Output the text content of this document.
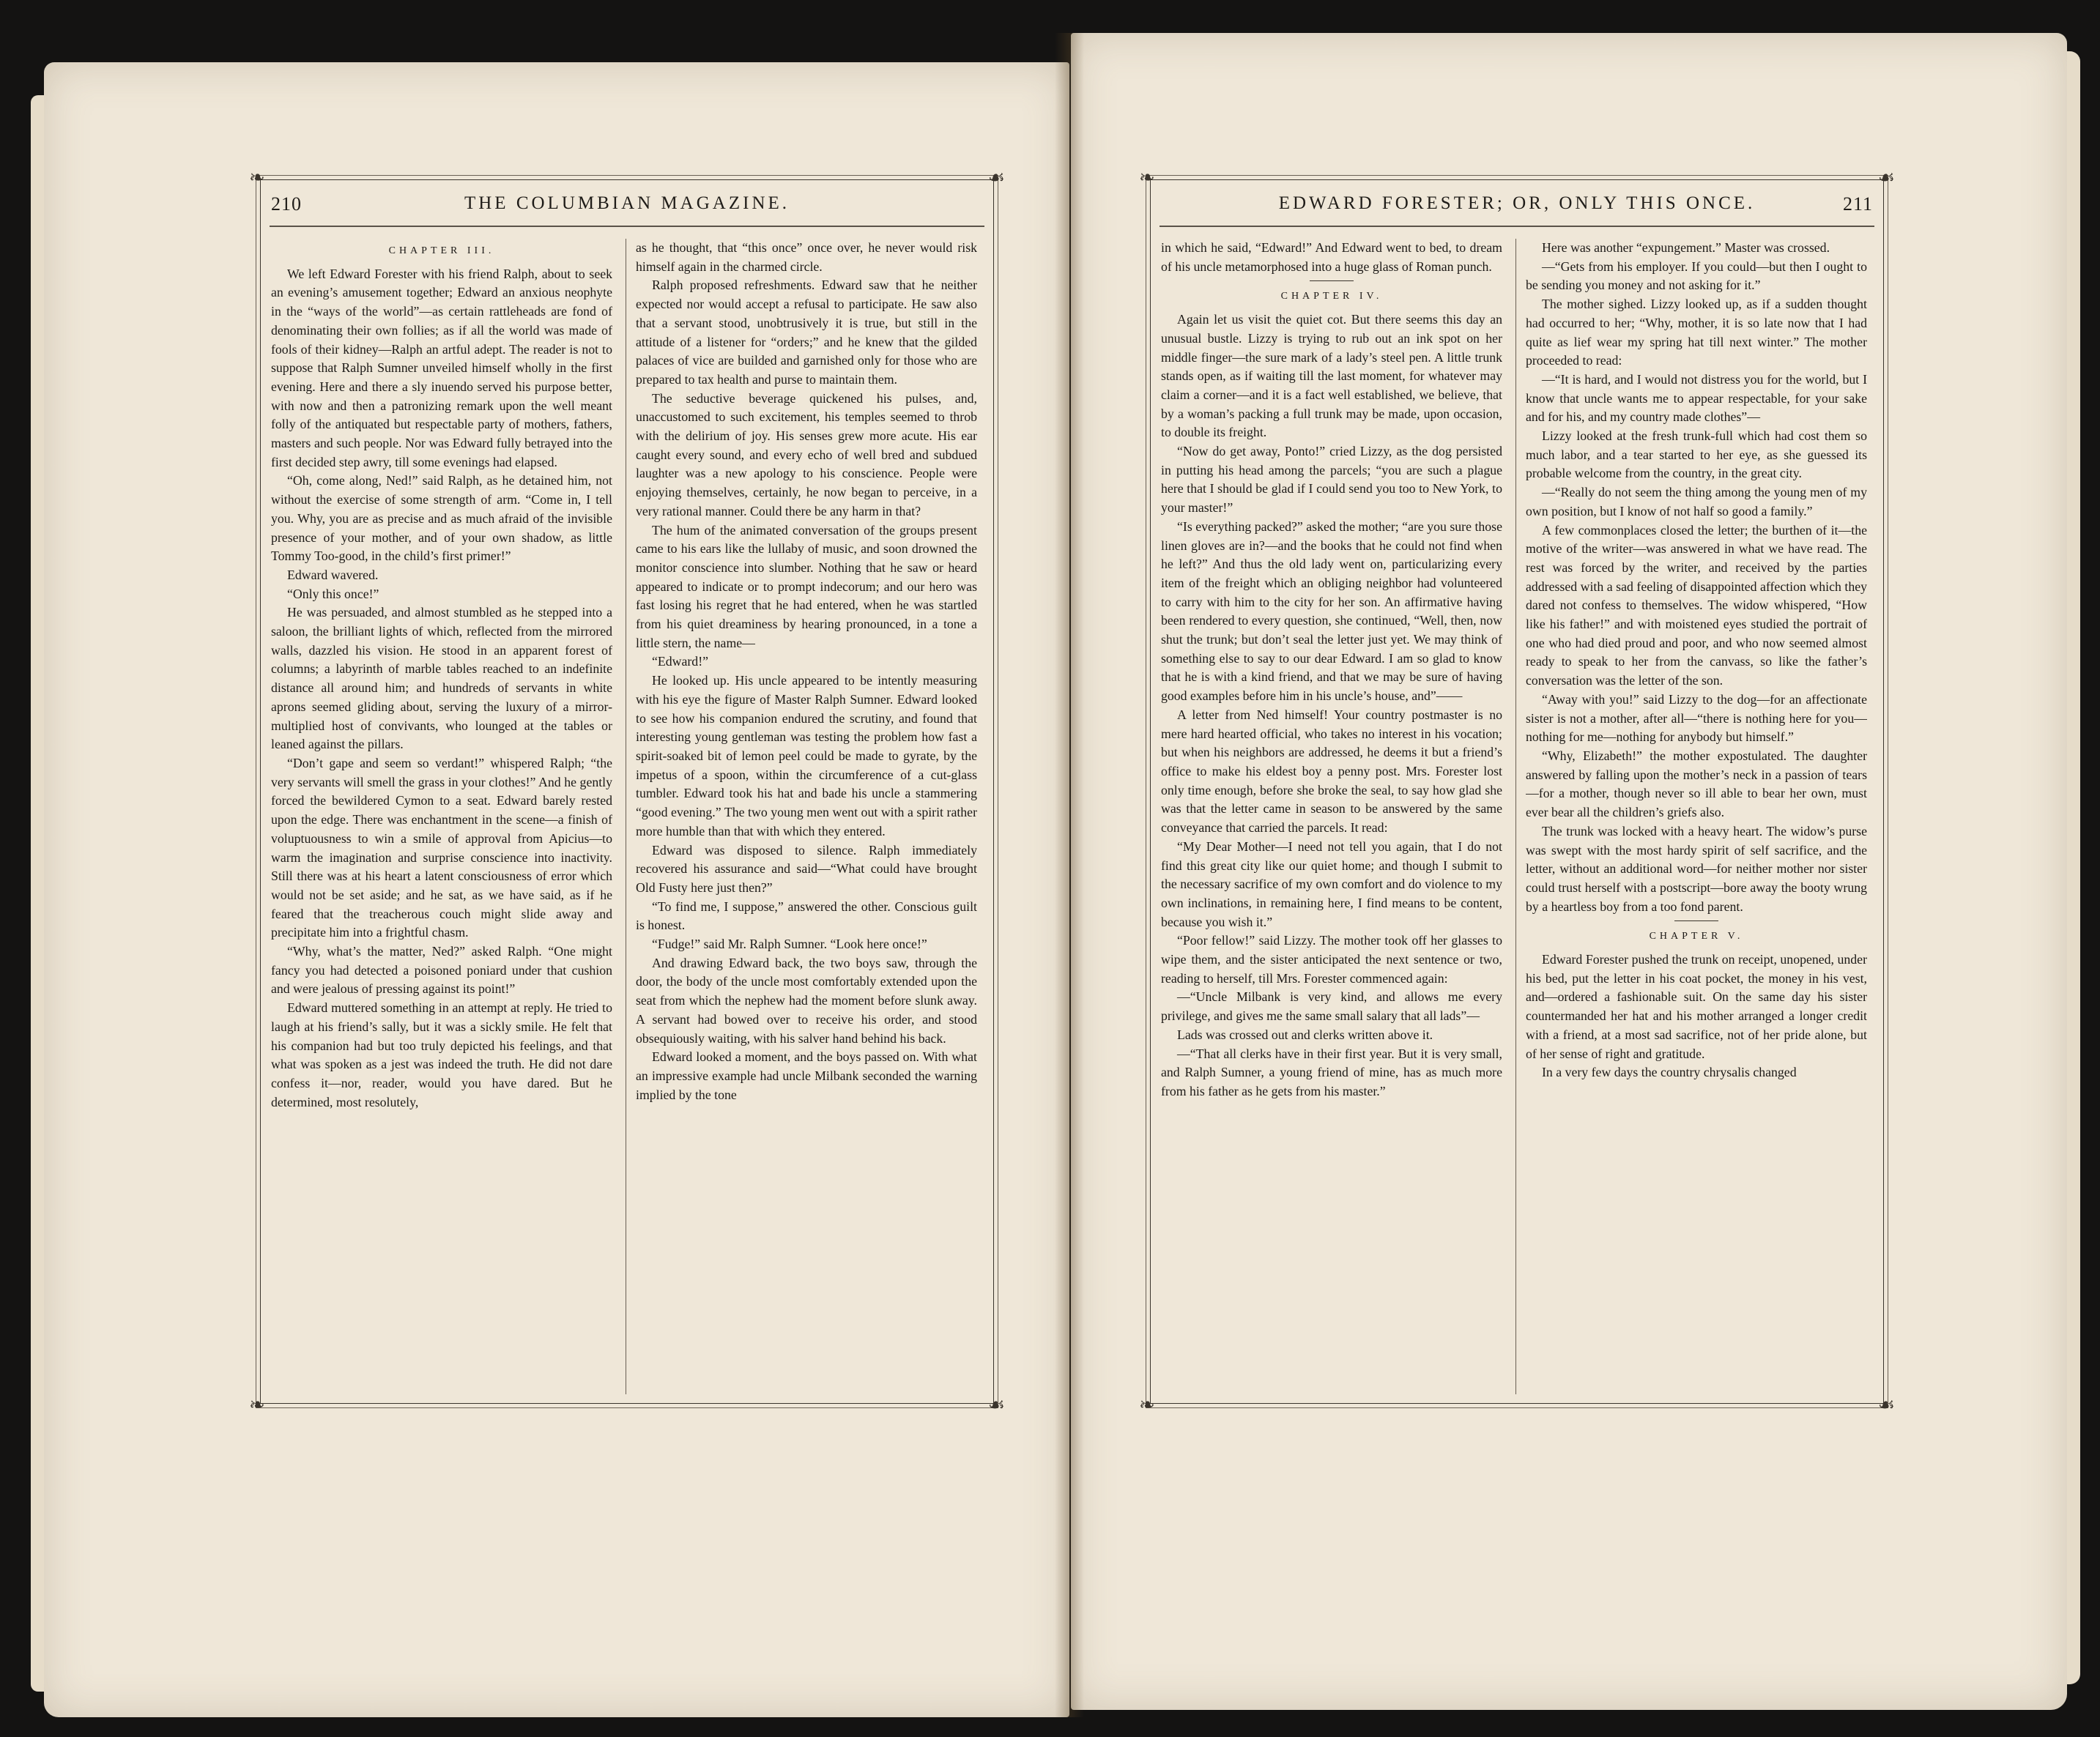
❧	☙
❧	☙
210	THE COLUMBIAN MAGAZINE.

CHAPTER III.

We left Edward Forester with his friend Ralph, about to seek an evening’s amusement together; Edward an anxious neophyte in the “ways of the world”—as certain rattleheads are fond of denominating their own follies; as if all the world was made of fools of their kidney—Ralph an artful adept. The reader is not to suppose that Ralph Sumner unveiled himself wholly in the first evening. Here and there a sly inuendo served his purpose better, with now and then a patronizing remark upon the well meant folly of the antiquated but respectable party of mothers, fathers, masters and such people. Nor was Edward fully betrayed into the first decided step awry, till some evenings had elapsed.

“Oh, come along, Ned!” said Ralph, as he detained him, not without the exercise of some strength of arm. “Come in, I tell you. Why, you are as precise and as much afraid of the invisible presence of your mother, and of your own shadow, as little Tommy Too-good, in the child’s first primer!”

Edward wavered.

“Only this once!”

He was persuaded, and almost stumbled as he stepped into a saloon, the brilliant lights of which, reflected from the mirrored walls, dazzled his vision. He stood in an apparent forest of columns; a labyrinth of marble tables reached to an indefinite distance all around him; and hundreds of servants in white aprons seemed gliding about, serving the luxury of a mirror-multiplied host of convivants, who lounged at the tables or leaned against the pillars.

“Don’t gape and seem so verdant!” whispered Ralph; “the very servants will smell the grass in your clothes!” And he gently forced the bewildered Cymon to a seat. Edward barely rested upon the edge. There was enchantment in the scene—a finish of voluptuousness to win a smile of approval from Apicius—to warm the imagination and surprise conscience into inactivity. Still there was at his heart a latent consciousness of error which would not be set aside; and he sat, as we have said, as if he feared that the treacherous couch might slide away and precipitate him into a frightful chasm.

“Why, what’s the matter, Ned?” asked Ralph. “One might fancy you had detected a poisoned poniard under that cushion and were jealous of pressing against its point!”

Edward muttered something in an attempt at reply. He tried to laugh at his friend’s sally, but it was a sickly smile. He felt that his companion had but too truly depicted his feelings, and that what was spoken as a jest was indeed the truth. He did not dare confess it—nor, reader, would you have dared. But he determined, most resolutely,

as he thought, that “this once” once over, he never would risk himself again in the charmed circle.

Ralph proposed refreshments. Edward saw that he neither expected nor would accept a refusal to participate. He saw also that a servant stood, unobtrusively it is true, but still in the attitude of a listener for “orders;” and he knew that the gilded palaces of vice are builded and garnished only for those who are prepared to tax health and purse to maintain them.

The seductive beverage quickened his pulses, and, unaccustomed to such excitement, his temples seemed to throb with the delirium of joy. His senses grew more acute. His ear caught every sound, and every echo of well bred and subdued laughter was a new apology to his conscience. People were enjoying themselves, certainly, he now began to perceive, in a very rational manner. Could there be any harm in that?

The hum of the animated conversation of the groups present came to his ears like the lullaby of music, and soon drowned the monitor conscience into slumber. Nothing that he saw or heard appeared to indicate or to prompt indecorum; and our hero was fast losing his regret that he had entered, when he was startled from his quiet dreaminess by hearing pronounced, in a tone a little stern, the name—

“Edward!”

He looked up. His uncle appeared to be intently measuring with his eye the figure of Master Ralph Sumner. Edward looked to see how his companion endured the scrutiny, and found that interesting young gentleman was testing the problem how fast a spirit-soaked bit of lemon peel could be made to gyrate, by the impetus of a spoon, within the circumference of a cut-glass tumbler. Edward took his hat and bade his uncle a stammering “good evening.” The two young men went out with a spirit rather more humble than that with which they entered.

Edward was disposed to silence. Ralph immediately recovered his assurance and said—“What could have brought Old Fusty here just then?”

“To find me, I suppose,” answered the other. Conscious guilt is honest.

“Fudge!” said Mr. Ralph Sumner. “Look here once!”

And drawing Edward back, the two boys saw, through the door, the body of the uncle most comfortably extended upon the seat from which the nephew had the moment before slunk away. A servant had bowed over to receive his order, and stood obsequiously waiting, with his salver hand behind his back.

Edward looked a moment, and the boys passed on. With what an impressive example had uncle Milbank seconded the warning implied by the tone

❧	☙
❧	☙
EDWARD FORESTER; OR, ONLY THIS ONCE.	211

in which he said, “Edward!” And Edward went to bed, to dream of his uncle metamorphosed into a huge glass of Roman punch.

CHAPTER IV.

Again let us visit the quiet cot. But there seems this day an unusual bustle. Lizzy is trying to rub out an ink spot on her middle finger—the sure mark of a lady’s steel pen. A little trunk stands open, as if waiting till the last moment, for whatever may claim a corner—and it is a fact well established, we believe, that by a woman’s packing a full trunk may be made, upon occasion, to double its freight.

“Now do get away, Ponto!” cried Lizzy, as the dog persisted in putting his head among the parcels; “you are such a plague here that I should be glad if I could send you too to New York, to your master!”

“Is everything packed?” asked the mother; “are you sure those linen gloves are in?—and the books that he could not find when he left?” And thus the old lady went on, particularizing every item of the freight which an obliging neighbor had volunteered to carry with him to the city for her son. An affirmative having been rendered to every question, she continued, “Well, then, now shut the trunk; but don’t seal the letter just yet. We may think of something else to say to our dear Edward. I am so glad to know that he is with a kind friend, and that we may be sure of having good examples before him in his uncle’s house, and”——

A letter from Ned himself! Your country postmaster is no mere hard hearted official, who takes no interest in his vocation; but when his neighbors are addressed, he deems it but a friend’s office to make his eldest boy a penny post. Mrs. Forester lost only time enough, before she broke the seal, to say how glad she was that the letter came in season to be answered by the same conveyance that carried the parcels. It read:

“My Dear Mother—I need not tell you again, that I do not find this great city like our quiet home; and though I submit to the necessary sacrifice of my own comfort and do violence to my own inclinations, in remaining here, I find means to be content, because you wish it.”

“Poor fellow!” said Lizzy. The mother took off her glasses to wipe them, and the sister anticipated the next sentence or two, reading to herself, till Mrs. Forester commenced again:

—“Uncle Milbank is very kind, and allows me every privilege, and gives me the same small salary that all lads”—

Lads was crossed out and clerks written above it.

—“That all clerks have in their first year. But it is very small, and Ralph Sumner, a young friend of mine, has as much more from his father as he gets from his master.”

Here was another “expungement.” Master was crossed.

—“Gets from his employer. If you could—but then I ought to be sending you money and not asking for it.”

The mother sighed. Lizzy looked up, as if a sudden thought had occurred to her; “Why, mother, it is so late now that I had quite as lief wear my spring hat till next winter.” The mother proceeded to read:

—“It is hard, and I would not distress you for the world, but I know that uncle wants me to appear respectable, for your sake and for his, and my country made clothes”—

Lizzy looked at the fresh trunk-full which had cost them so much labor, and a tear started to her eye, as she guessed its probable welcome from the country, in the great city.

—“Really do not seem the thing among the young men of my own position, but I know of not half so good a family.”

A few commonplaces closed the letter; the burthen of it—the motive of the writer—was answered in what we have read. The rest was forced by the writer, and received by the parties addressed with a sad feeling of disappointed affection which they dared not confess to themselves. The widow whispered, “How like his father!” and with moistened eyes studied the portrait of one who had died proud and poor, and who now seemed almost ready to speak to her from the canvass, so like the father’s conversation was the letter of the son.

“Away with you!” said Lizzy to the dog—for an affectionate sister is not a mother, after all—“there is nothing here for you—nothing for me—nothing for anybody but himself.”

“Why, Elizabeth!” the mother expostulated. The daughter answered by falling upon the mother’s neck in a passion of tears—for a mother, though never so ill able to bear her own, must ever bear all the children’s griefs also.

The trunk was locked with a heavy heart. The widow’s purse was swept with the most hardy spirit of self sacrifice, and the letter, without an additional word—for neither mother nor sister could trust herself with a postscript—bore away the booty wrung by a heartless boy from a too fond parent.

CHAPTER V.

Edward Forester pushed the trunk on receipt, unopened, under his bed, put the letter in his coat pocket, the money in his vest, and—ordered a fashionable suit. On the same day his sister countermanded her hat and his mother arranged a longer credit with a friend, at a most sad sacrifice, not of her pride alone, but of her sense of right and gratitude.

In a very few days the country chrysalis changed
